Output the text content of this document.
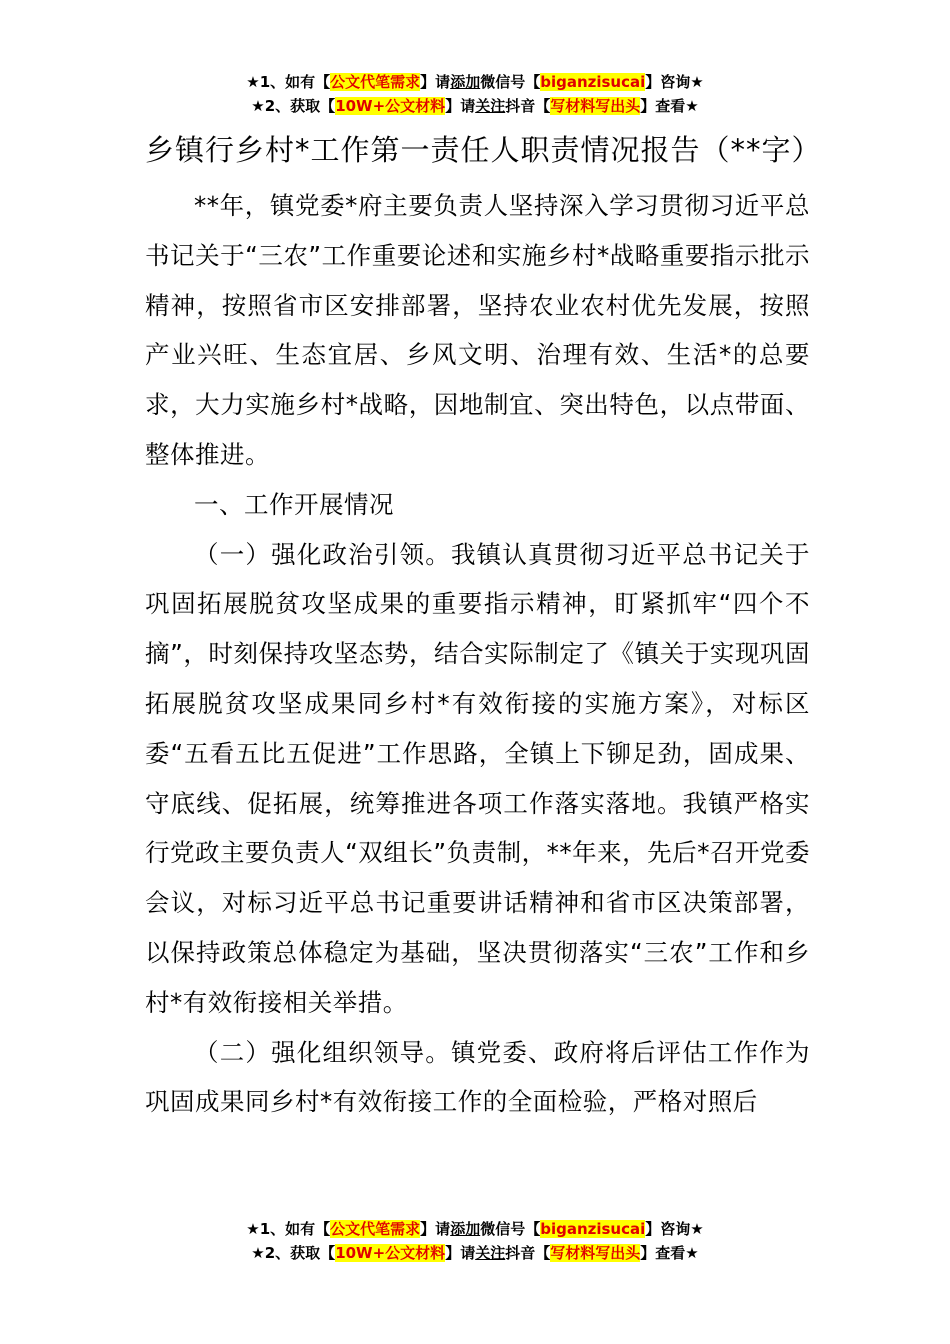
★1、如有【公文代笔需求】请添加微信号【biganzisucai】咨询★
★2、获取【10W+公文材料】请关注抖音【写材料写出头】查看★
乡镇行乡村*工作第一责任人职责情况报告（**字）

**年，镇党委*府主要负责人坚持深入学习贯彻习近平总书记关于“三农”工作重要论述和实施乡村*战略重要指示批示精神，按照省市区安排部署，坚持农业农村优先发展，按照产业兴旺、生态宜居、乡风文明、治理有效、生活*的总要求，大力实施乡村*战略，因地制宜、突出特色，以点带面、整体推进。

一、工作开展情况

（一）强化政治引领。我镇认真贯彻习近平总书记关于巩固拓展脱贫攻坚成果的重要指示精神，盯紧抓牢“四个不摘”，时刻保持攻坚态势，结合实际制定了《镇关于实现巩固拓展脱贫攻坚成果同乡村*有效衔接的实施方案》，对标区委“五看五比五促进”工作思路，全镇上下铆足劲，固成果、守底线、促拓展，统筹推进各项工作落实落地。我镇严格实行党政主要负责人“双组长”负责制，**年来，先后*召开党委会议，对标习近平总书记重要讲话精神和省市区决策部署，以保持政策总体稳定为基础，坚决贯彻落实“三农”工作和乡村*有效衔接相关举措。

（二）强化组织领导。镇党委、政府将后评估工作作为巩固成果同乡村*有效衔接工作的全面检验，严格对照后

★1、如有【公文代笔需求】请添加微信号【biganzisucai】咨询★
★2、获取【10W+公文材料】请关注抖音【写材料写出头】查看★
